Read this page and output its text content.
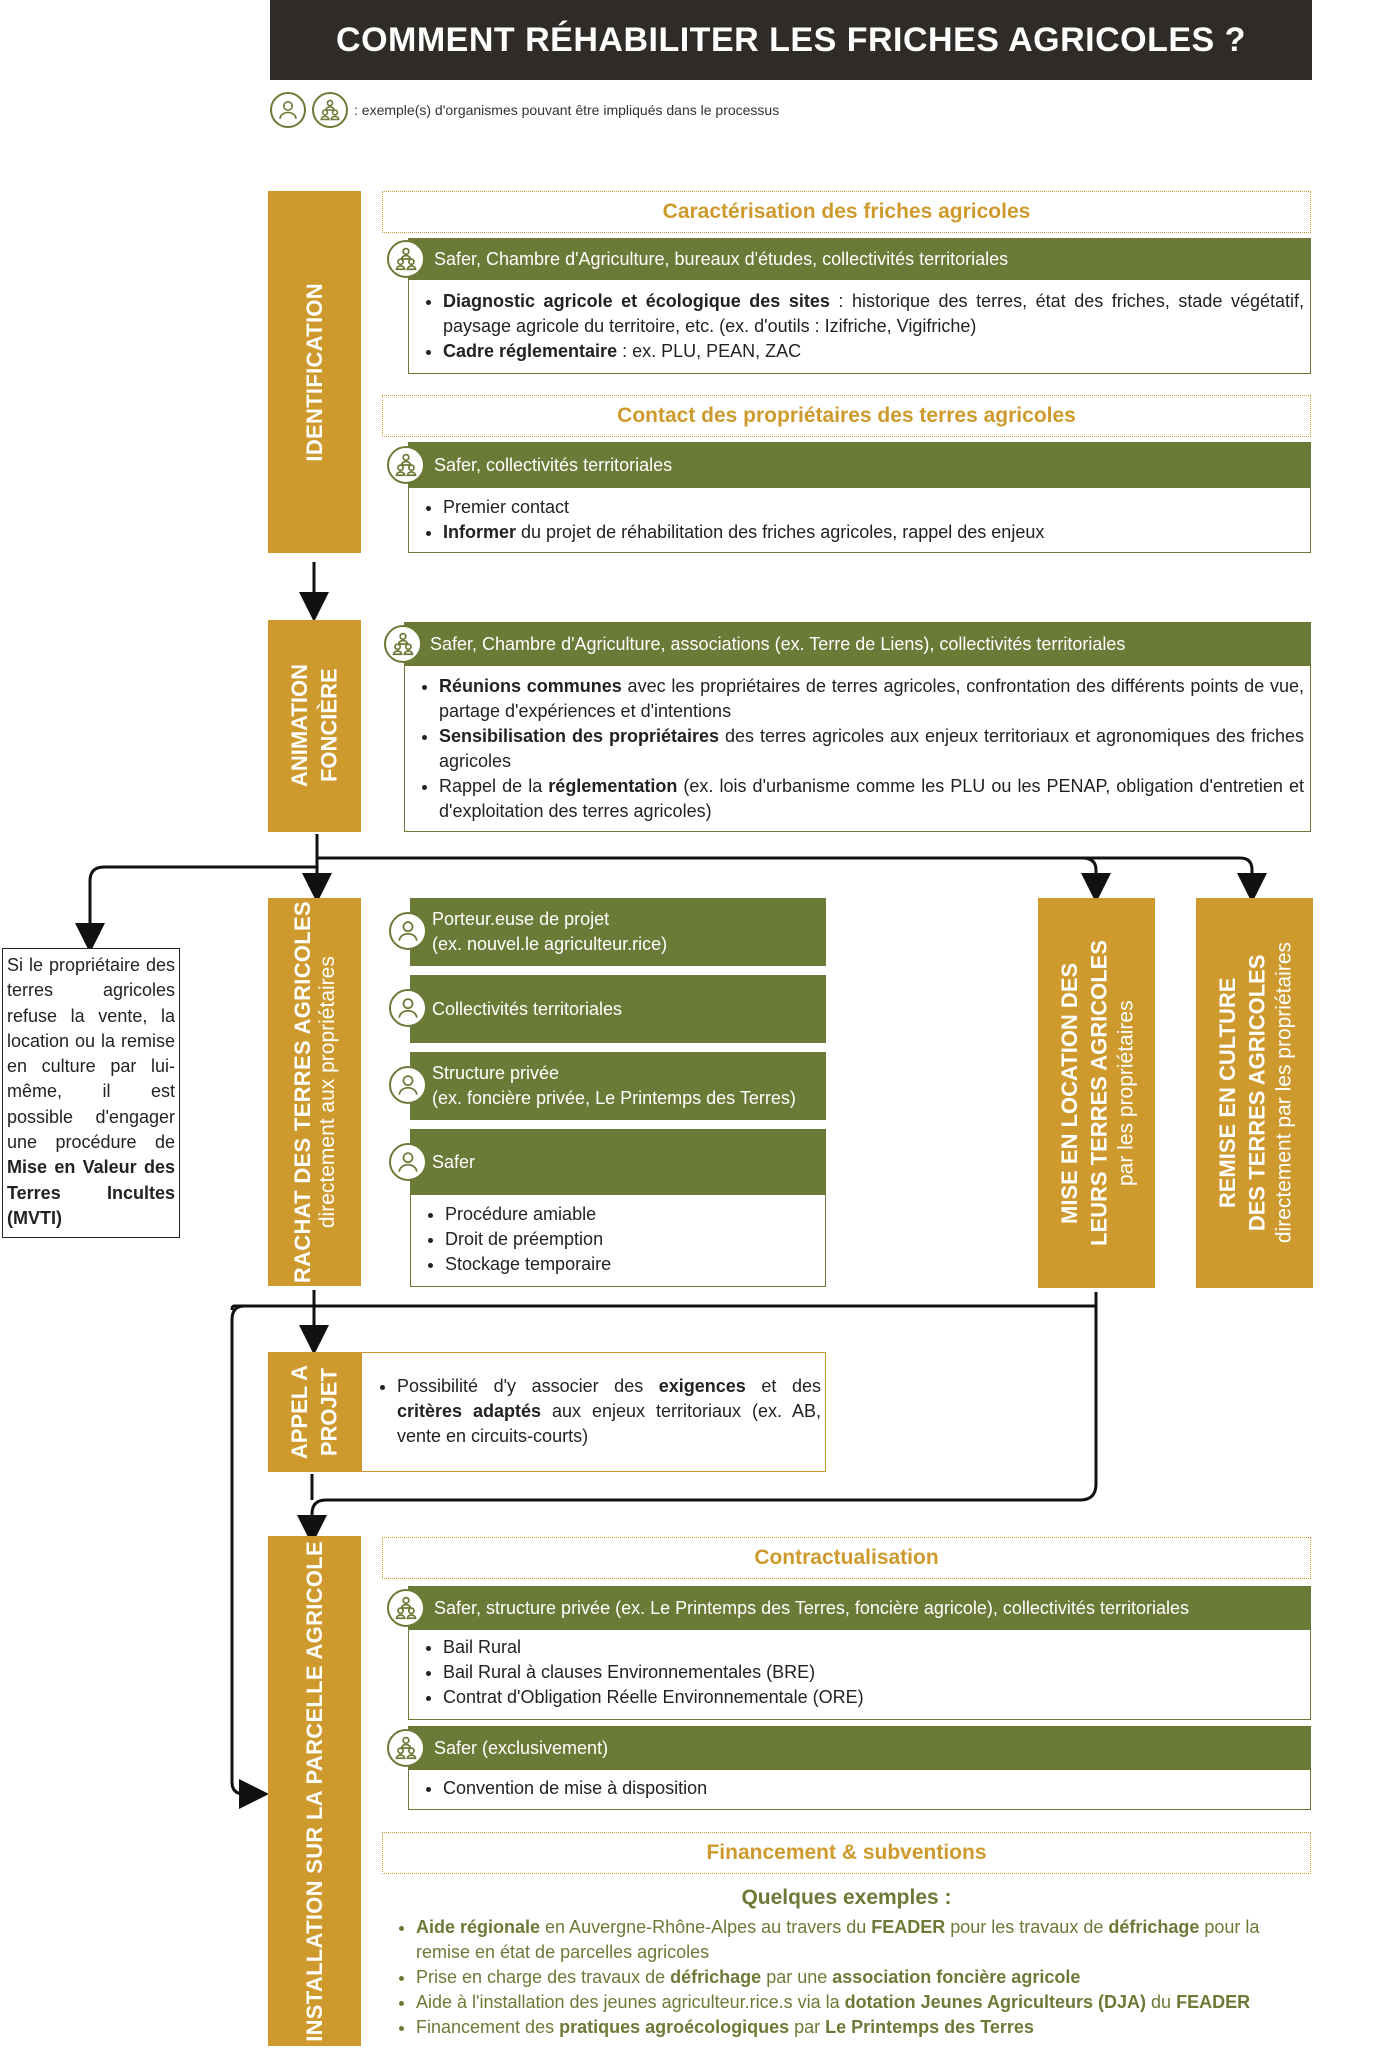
COMMENT RÉHABILITER LES FRICHES AGRICOLES ?
: exemple(s) d'organismes pouvant être impliqués dans le processus
IDENTIFICATION
Caractérisation des friches agricoles
Safer, Chambre d'Agriculture, bureaux d'études, collectivités territoriales
• Diagnostic agricole et écologique des sites : historique des terres, état des friches, stade végétatif, paysage agricole du territoire, etc. (ex. d'outils : Izifriche, Vigifriche)
• Cadre réglementaire : ex. PLU, PEAN, ZAC
Contact des propriétaires des terres agricoles
Safer, collectivités territoriales
• Premier contact
• Informer du projet de réhabilitation des friches agricoles, rappel des enjeux
ANIMATION FONCIÈRE
Safer, Chambre d'Agriculture, associations (ex. Terre de Liens), collectivités territoriales
• Réunions communes avec les propriétaires de terres agricoles, confrontation des différents points de vue, partage d'expériences et d'intentions
• Sensibilisation des propriétaires des terres agricoles aux enjeux territoriaux et agronomiques des friches agricoles
• Rappel de la réglementation (ex. lois d'urbanisme comme les PLU ou les PENAP, obligation d'entretien et d'exploitation des terres agricoles)
Si le propriétaire des terres agricoles refuse la vente, la location ou la remise en culture par lui-même, il est possible d'engager une procédure de Mise en Valeur des Terres Incultes (MVTI)	RACHAT DES TERRES AGRICOLES directement aux propriétaires
Porteur.euse de projet
(ex. nouvel.le agriculteur.rice)
Collectivités territoriales
Structure privée
(ex. foncière privée, Le Printemps des Terres)
Safer
• Procédure amiable
• Droit de préemption
• Stockage temporaire
MISE EN LOCATION DES LEURS TERRES AGRICOLES par les propriétaires	REMISE EN CULTURE DES TERRES AGRICOLES directement par les propriétaires
APPEL A PROJET
•	Possibilité d'y associer des exigences et des critères adaptés aux enjeux territoriaux (ex. AB, vente en circuits-courts)
INSTALLATION SUR LA PARCELLE AGRICOLE	Contractualisation
Safer, structure privée (ex. Le Printemps des Terres, foncière agricole), collectivités territoriales
• Bail Rural
• Bail Rural à clauses Environnementales (BRE)
• Contrat d'Obligation Réelle Environnementale (ORE)
Safer (exclusivement)
• Convention de mise à disposition
Financement & subventions
Quelques exemples :
• Aide régionale en Auvergne-Rhône-Alpes au travers du FEADER pour les travaux de défrichage pour la remise en état de parcelles agricoles
• Prise en charge des travaux de défrichage par une association foncière agricole
• Aide à l'installation des jeunes agriculteur.rice.s via la dotation Jeunes Agriculteurs (DJA) du FEADER
• Financement des pratiques agroécologiques par Le Printemps des Terres
